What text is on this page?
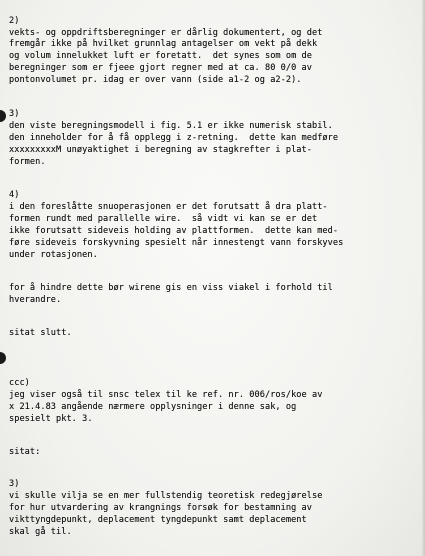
2)
vekts- og oppdriftsberegninger er dårlig dokumentert, og det
fremgår ikke på hvilket grunnlag antagelser om vekt på dekk
og volum innelukket luft er foretatt.  det synes som om de
beregninger som er fjeee gjort regner med at ca. 80 0/0 av
pontonvolumet pr. idag er over vann (side a1-2 og a2-2).
3)
den viste beregningsmodell i fig. 5.1 er ikke numerisk stabil.
den inneholder for å få opplegg i z-retning.  dette kan medføre
xxxxxxxxxM unøyaktighet i beregning av stagkrefter i plat-
formen.
4)
i den foreslåtte snuoperasjonen er det forutsatt å dra platt-
formen rundt med parallelle wire.  så vidt vi kan se er det
ikke forutsatt sideveis holding av plattformen.  dette kan med-
føre sideveis forskyvning spesielt når innestengt vann forskyves
under rotasjonen.
for å hindre dette bør wirene gis en viss viakel i forhold til
hverandre.
sitat slutt.
ccc)
jeg viser også til snsc telex til ke ref. nr. 006/ros/koe av
x 21.4.83 angående nærmere opplysninger i denne sak, og
spesielt pkt. 3.
sitat:
3)
vi skulle vilja se en mer fullstendig teoretisk redegjørelse
for hur utvardering av krangnings forsøk for bestamning av
vikttyngdepunkt, deplacement tyngdepunkt samt deplacement
skal gå til.
